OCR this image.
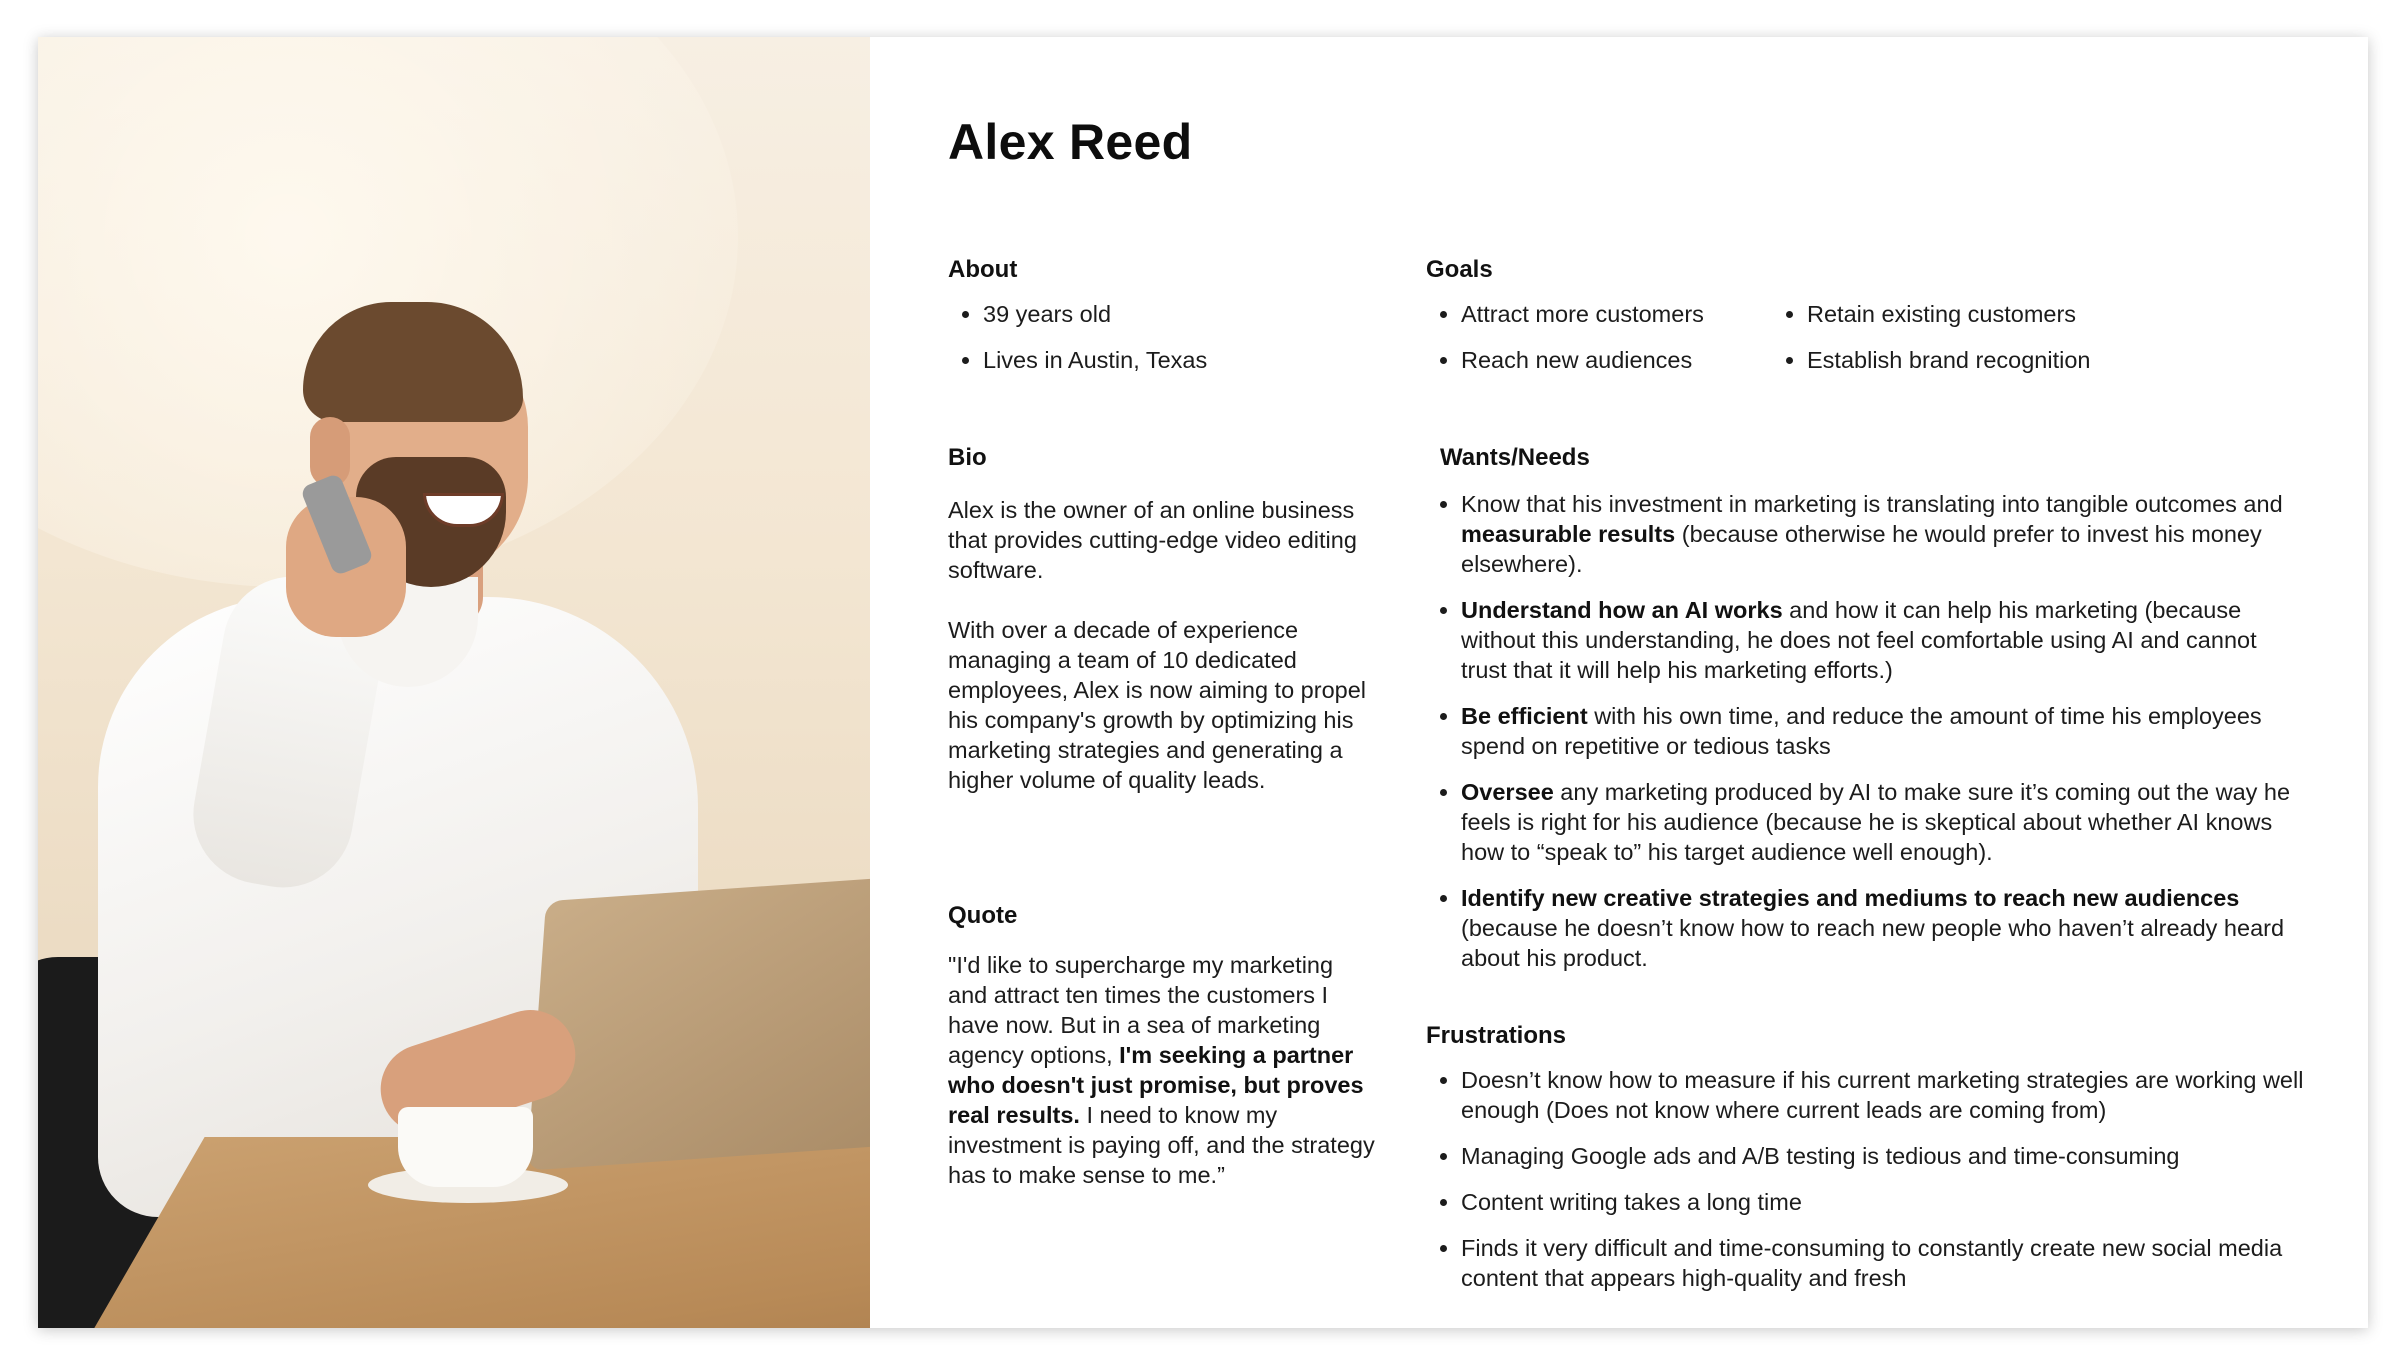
Alex Reed
About
• 39 years old
• Lives in Austin, Texas
Goals
• Attract more customers
• Reach new audiences
• Retain existing customers
• Establish brand recognition
Bio

Alex is the owner of an online business that provides cutting-edge video editing software.

With over a decade of experience managing a team of 10 dedicated employees, Alex is now aiming to propel his company's growth by optimizing his marketing strategies and generating a higher volume of quality leads.

Quote

"I'd like to supercharge my marketing and attract ten times the customers I have now. But in a sea of marketing agency options, I'm seeking a partner who doesn't just promise, but proves real results. I need to know my investment is paying off, and the strategy has to make sense to me.”

Wants/Needs
• Know that his investment in marketing is translating into tangible outcomes and measurable results (because otherwise he would prefer to invest his money elsewhere).
• Understand how an AI works and how it can help his marketing (because without this understanding, he does not feel comfortable using AI and cannot trust that it will help his marketing efforts.)
• Be efficient with his own time, and reduce the amount of time his employees spend on repetitive or tedious tasks
• Oversee any marketing produced by AI to make sure it’s coming out the way he feels is right for his audience (because he is skeptical about whether AI knows how to “speak to” his target audience well enough).
• Identify new creative strategies and mediums to reach new audiences (because he doesn’t know how to reach new people who haven’t already heard about his product.
Frustrations
• Doesn’t know how to measure if his current marketing strategies are working well enough (Does not know where current leads are coming from)
• Managing Google ads and A/B testing is tedious and time-consuming
• Content writing takes a long time
• Finds it very difficult and time-consuming to constantly create new social media content that appears high-quality and fresh
